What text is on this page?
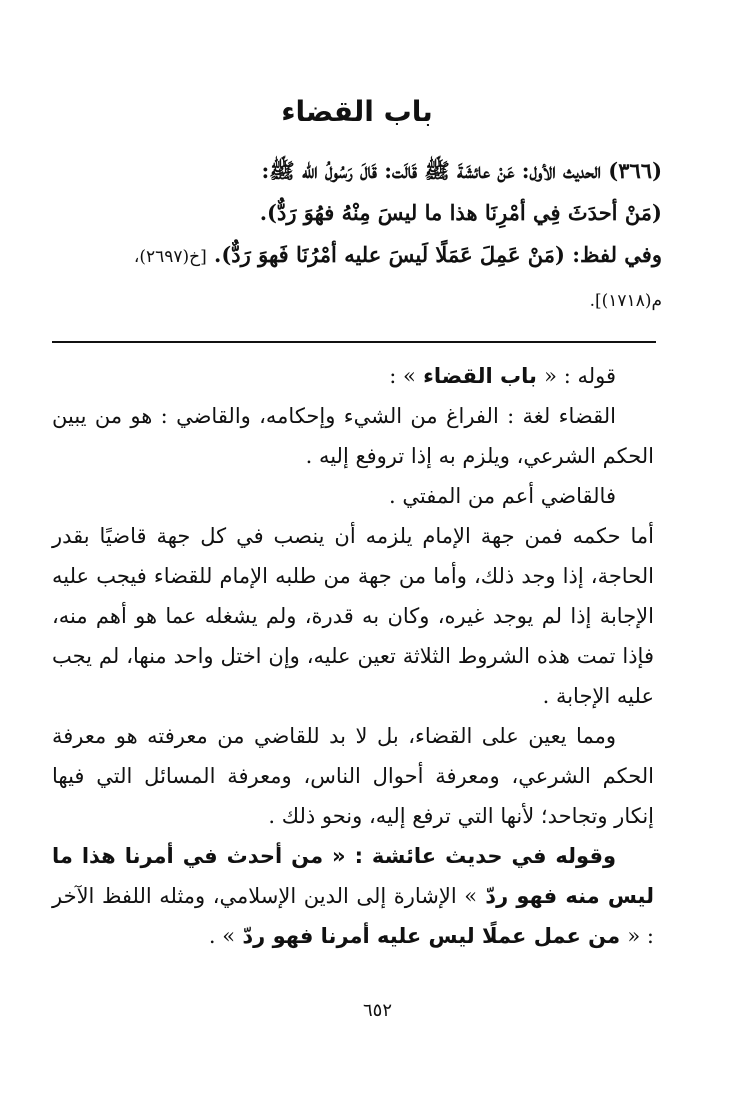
باب القضاء

(٣٦٦) الحديث الأول: عَنْ عائشَةَ ﷺ قَالَت: قَالَ رَسُولُ الله ﷺ:

(مَنْ أحدَثَ فِي أمْرِنَا هذا ما ليسَ مِنْهُ فهُوَ رَدٌّ).

وفي لفظ: (مَنْ عَمِلَ عَمَلًا لَيسَ عليه أمْرُنَا فَهوَ رَدٌّ). [خ(٢٦٩٧)،

م(١٧١٨)].

قوله : « باب القضاء » :

القضاء لغة : الفراغ من الشيء وإحكامه، والقاضي : هو من يبين الحكم الشرعي، ويلزم به إذا تروفع إليه .

فالقاضي أعم من المفتي .

أما حكمه فمن جهة الإمام يلزمه أن ينصب في كل جهة قاضيًا بقدر الحاجة، إذا وجد ذلك، وأما من جهة من طلبه الإمام للقضاء فيجب عليه الإجابة إذا لم يوجد غيره، وكان به قدرة، ولم يشغله عما هو أهم منه، فإذا تمت هذه الشروط الثلاثة تعين عليه، وإن اختل واحد منها، لم يجب عليه الإجابة .

ومما يعين على القضاء، بل لا بد للقاضي من معرفته هو معرفة الحكم الشرعي، ومعرفة أحوال الناس، ومعرفة المسائل التي فيها إنكار وتجاحد؛ لأنها التي ترفع إليه، ونحو ذلك .

وقوله في حديث عائشة : « من أحدث في أمرنا هذا ما ليس منه فهو ردّ » الإشارة إلى الدين الإسلامي، ومثله اللفظ الآخر : « من عمل عملًا ليس عليه أمرنا فهو ردّ » .

٦٥٢
